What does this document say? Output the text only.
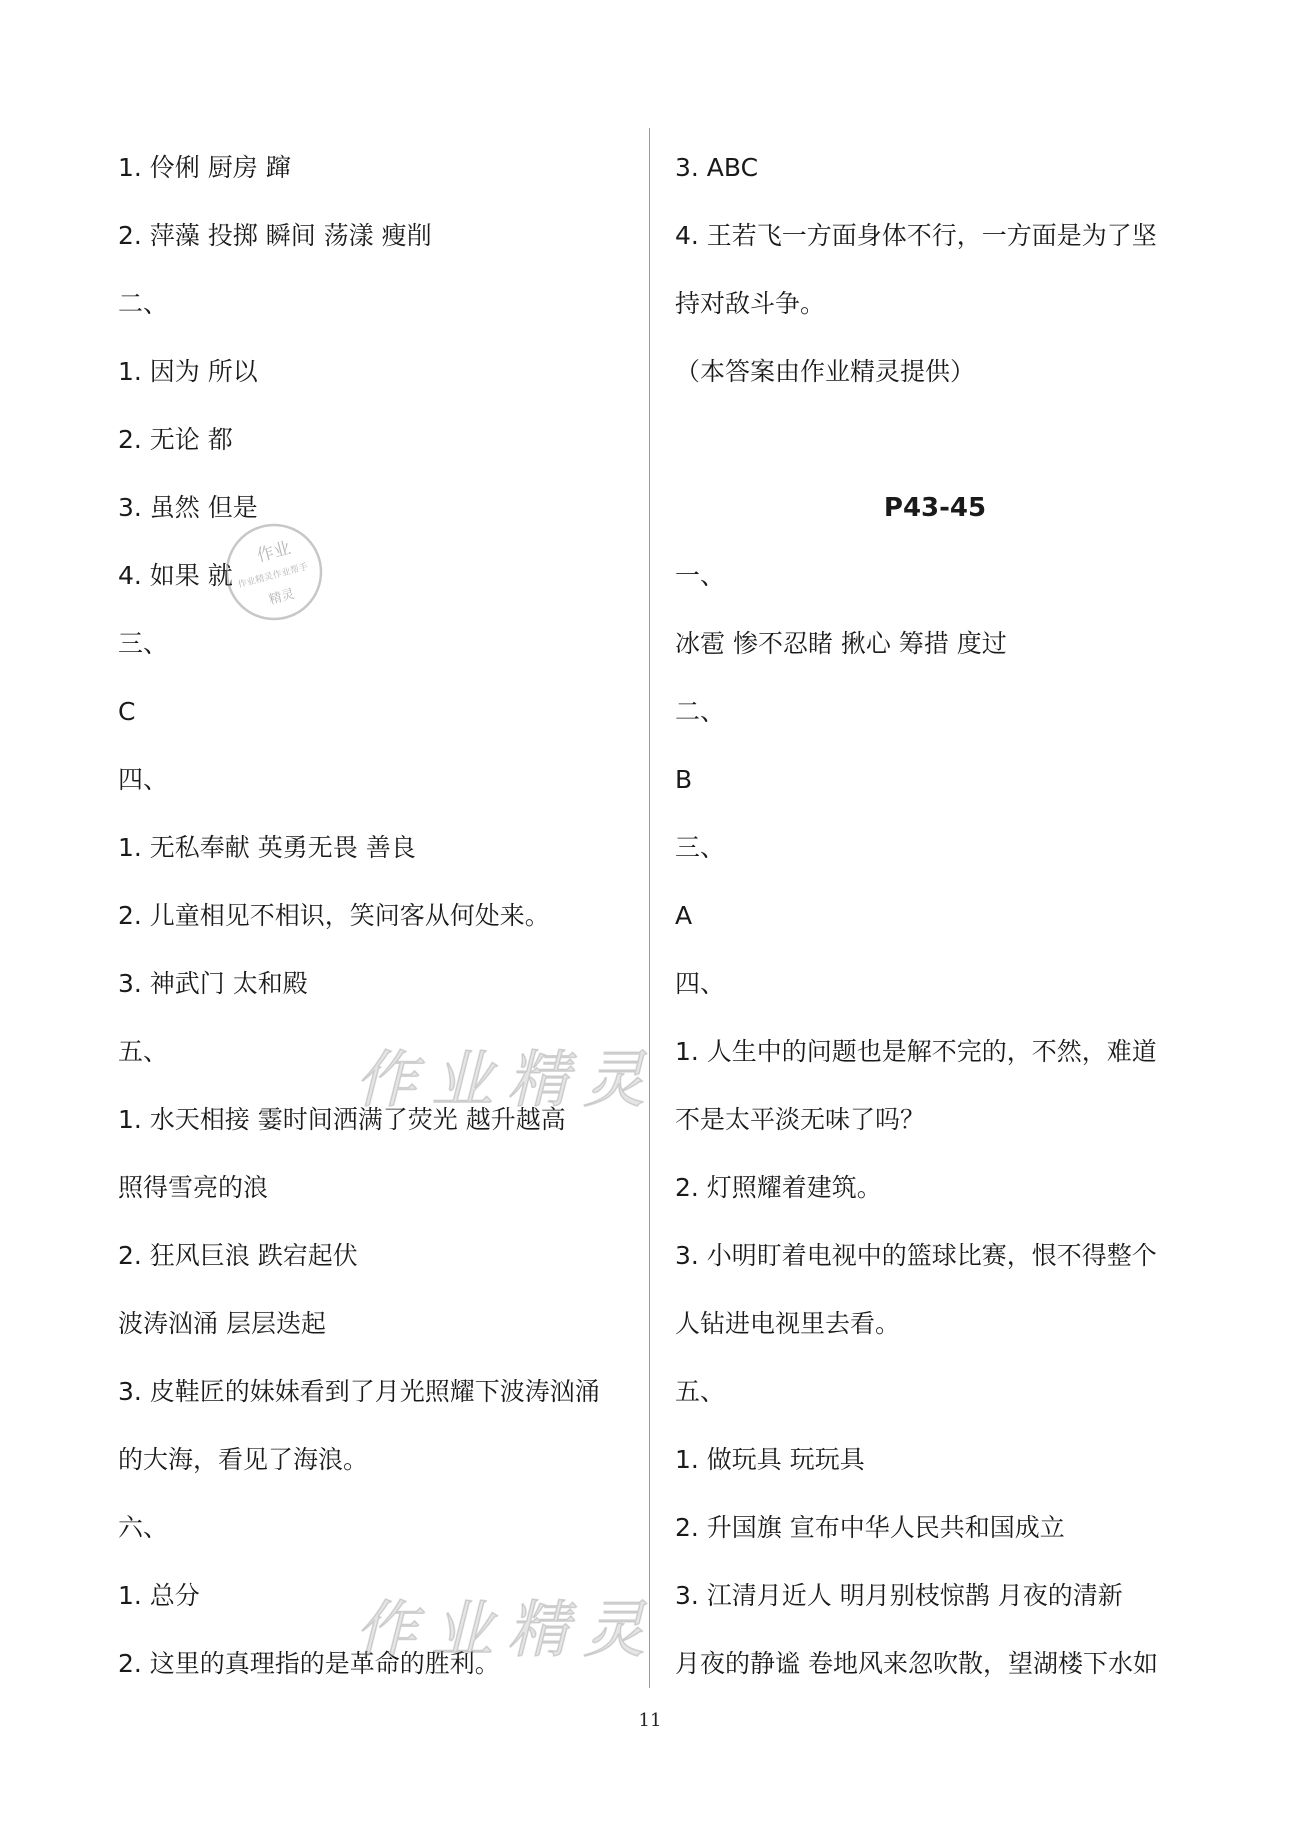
1. 伶俐 厨房 蹿
2. 萍藻 投掷 瞬间 荡漾 瘦削
二、
1. 因为 所以
2. 无论 都
3. 虽然 但是
4. 如果 就
三、
C
四、
1. 无私奉献 英勇无畏 善良
2. 儿童相见不相识，笑问客从何处来。
3. 神武门 太和殿
五、
1. 水天相接 霎时间洒满了荧光 越升越高
照得雪亮的浪
2. 狂风巨浪 跌宕起伏
波涛汹涌 层层迭起
3. 皮鞋匠的妹妹看到了月光照耀下波涛汹涌
的大海，看见了海浪。
六、
1. 总分
2. 这里的真理指的是革命的胜利。
3. ABC
4. 王若飞一方面身体不行，一方面是为了坚
持对敌斗争。
（本答案由作业精灵提供）
P43-45
一、
冰雹 惨不忍睹 揪心 筹措 度过
二、
B
三、
A
四、
1. 人生中的问题也是解不完的，不然，难道
不是太平淡无味了吗？
2. 灯照耀着建筑。
3. 小明盯着电视中的篮球比赛，恨不得整个
人钻进电视里去看。
五、
1. 做玩具 玩玩具
2. 升国旗 宣布中华人民共和国成立
3. 江清月近人 明月别枝惊鹊 月夜的清新
月夜的静谧 卷地风来忽吹散，望湖楼下水如
作业
作业精灵作业帮手
精灵
作业精灵
作业精灵
11
